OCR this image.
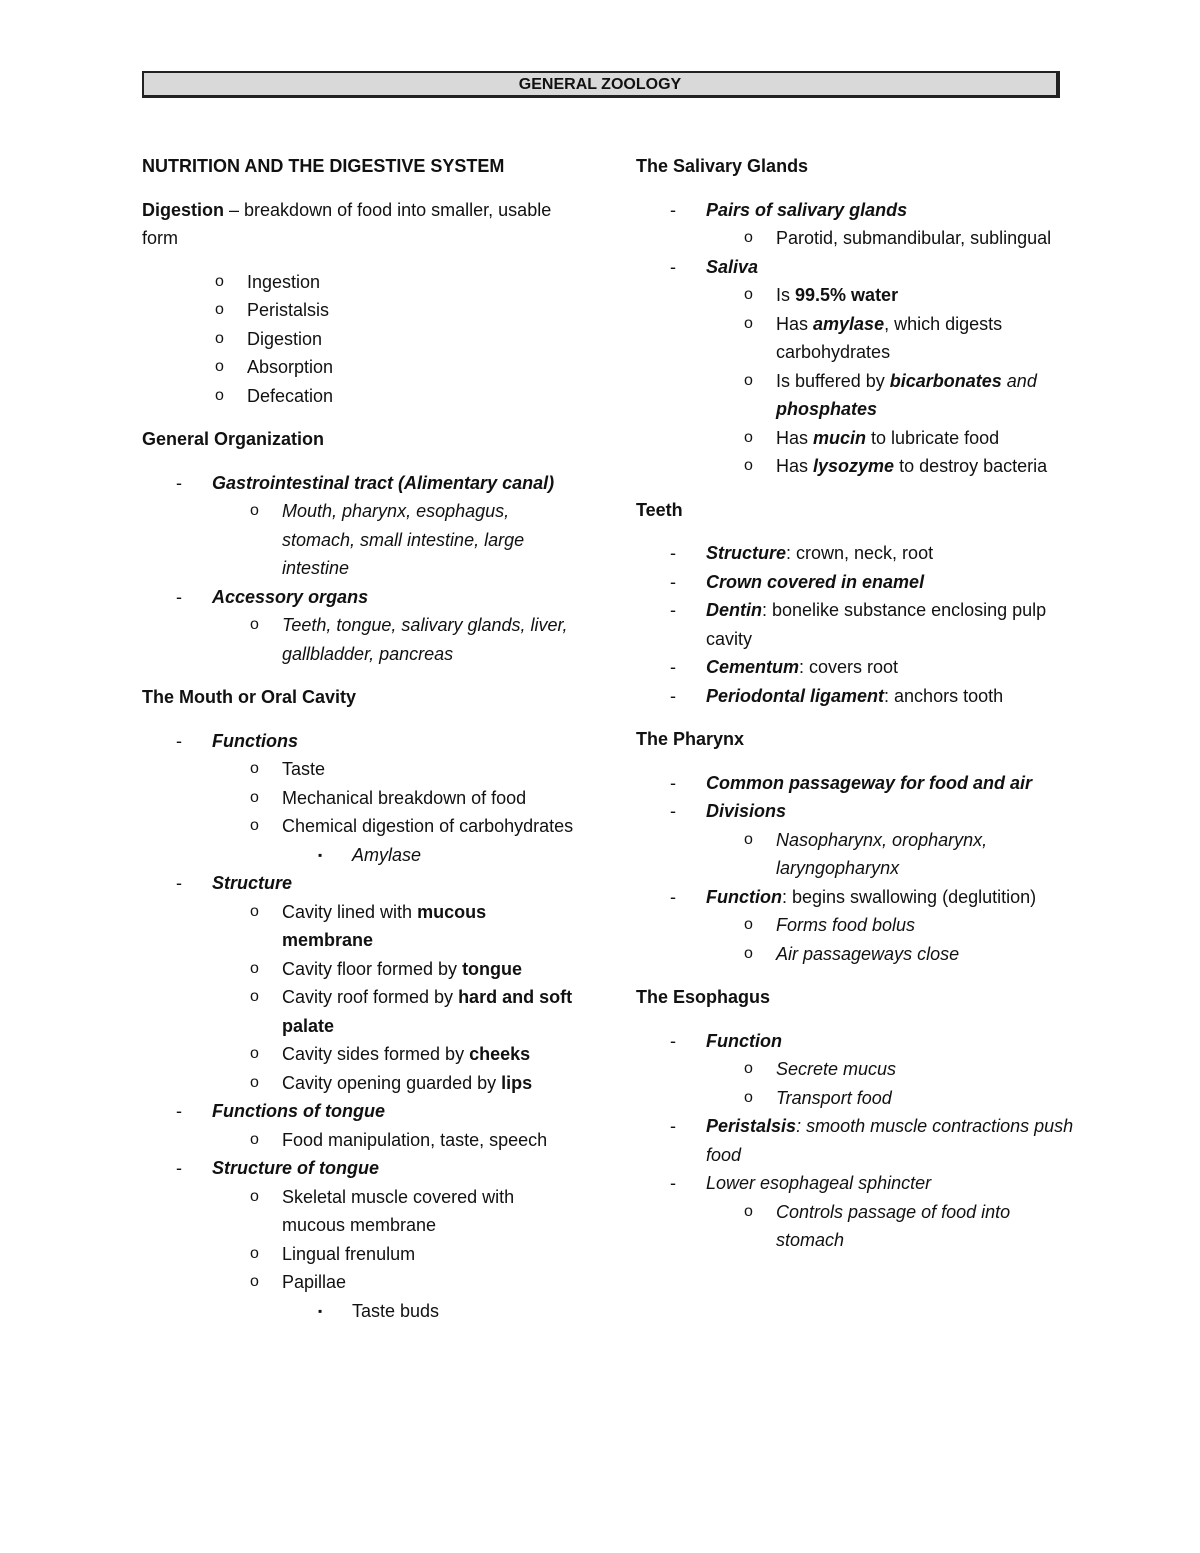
GENERAL ZOOLOGY
NUTRITION AND THE DIGESTIVE SYSTEM
Digestion – breakdown of food into smaller, usable form
o Ingestion
o Peristalsis
o Digestion
o Absorption
o Defecation
General Organization
- Gastrointestinal tract (Alimentary canal)
o Mouth, pharynx, esophagus, stomach, small intestine, large intestine
- Accessory organs
o Teeth, tongue, salivary glands, liver, gallbladder, pancreas
The Mouth or Oral Cavity
- Functions
o Taste
o Mechanical breakdown of food
o Chemical digestion of carbohydrates
▪ Amylase
- Structure
o Cavity lined with mucous membrane
o Cavity floor formed by tongue
o Cavity roof formed by hard and soft palate
o Cavity sides formed by cheeks
o Cavity opening guarded by lips
- Functions of tongue
o Food manipulation, taste, speech
- Structure of tongue
o Skeletal muscle covered with mucous membrane
o Lingual frenulum
o Papillae
▪ Taste buds
The Salivary Glands
- Pairs of salivary glands
o Parotid, submandibular, sublingual
- Saliva
o Is 99.5% water
o Has amylase, which digests carbohydrates
o Is buffered by bicarbonates and phosphates
o Has mucin to lubricate food
o Has lysozyme to destroy bacteria
Teeth
- Structure: crown, neck, root
- Crown covered in enamel
- Dentin: bonelike substance enclosing pulp cavity
- Cementum: covers root
- Periodontal ligament: anchors tooth
The Pharynx
- Common passageway for food and air
- Divisions
o Nasopharynx, oropharynx, laryngopharynx
- Function: begins swallowing (deglutition)
o Forms food bolus
o Air passageways close
The Esophagus
- Function
o Secrete mucus
o Transport food
- Peristalsis: smooth muscle contractions push food
- Lower esophageal sphincter
o Controls passage of food into stomach
